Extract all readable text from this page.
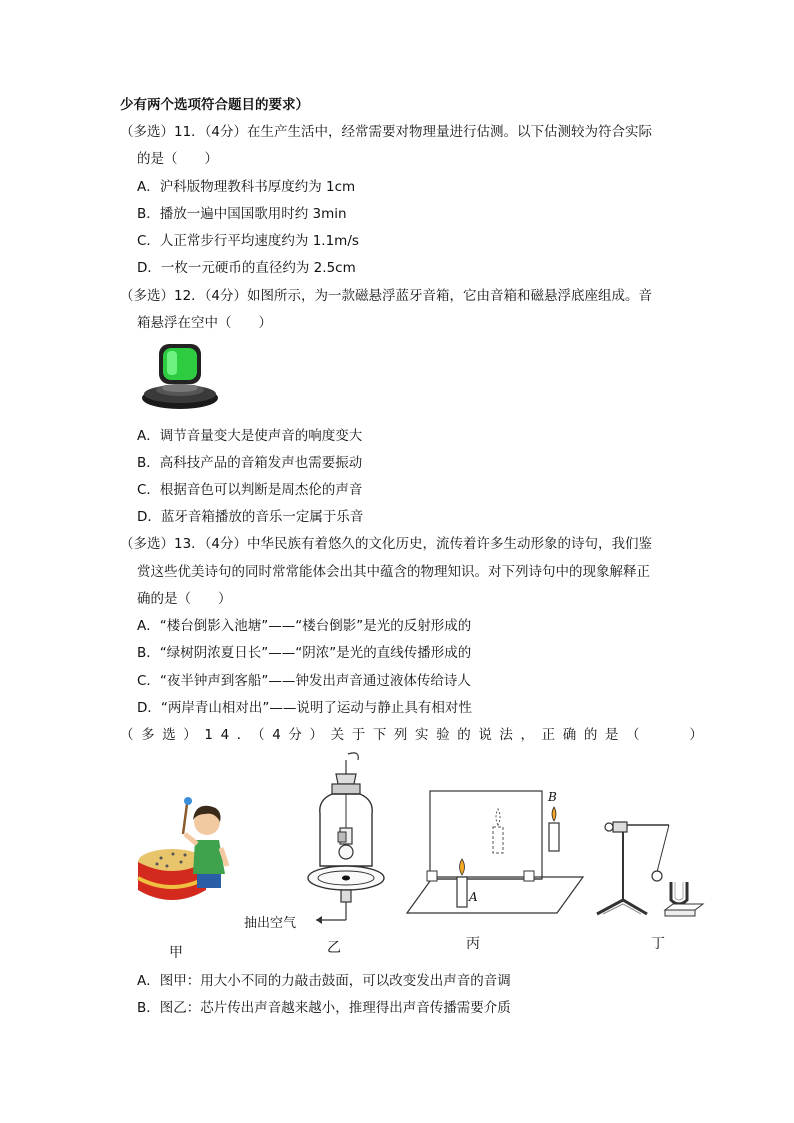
少有两个选项符合题目的要求）
（多选）11．（4分）在生产生活中，经常需要对物理量进行估测。以下估测较为符合实际
的是（　　）
A．沪科版物理教科书厚度约为 1cm
B．播放一遍中国国歌用时约 3min
C．人正常步行平均速度约为 1.1m/s
D．一枚一元硬币的直径约为 2.5cm
（多选）12．（4分）如图所示，为一款磁悬浮蓝牙音箱，它由音箱和磁悬浮底座组成。音
箱悬浮在空中（　　）
A．调节音量变大是使声音的响度变大
B．高科技产品的音箱发声也需要振动
C．根据音色可以判断是周杰伦的声音
D．蓝牙音箱播放的音乐一定属于乐音
（多选）13．（4分）中华民族有着悠久的文化历史，流传着许多生动形象的诗句，我们鉴
赏这些优美诗句的同时常常能体会出其中蕴含的物理知识。对下列诗句中的现象解释正
确的是（　　）
A．“楼台倒影入池塘”——“楼台倒影”是光的反射形成的
B．“绿树阴浓夏日长”——“阴浓”是光的直线传播形成的
C．“夜半钟声到客船”——钟发出声音通过液体传给诗人
D．“两岸青山相对出”——说明了运动与静止具有相对性
（多选）14．（4分）关于下列实验的说法，正确的是（　　）
甲
抽出空气
乙
A
B
丙	丁
A．图甲：用大小不同的力敲击鼓面，可以改变发出声音的音调
B．图乙：芯片传出声音越来越小，推理得出声音传播需要介质
